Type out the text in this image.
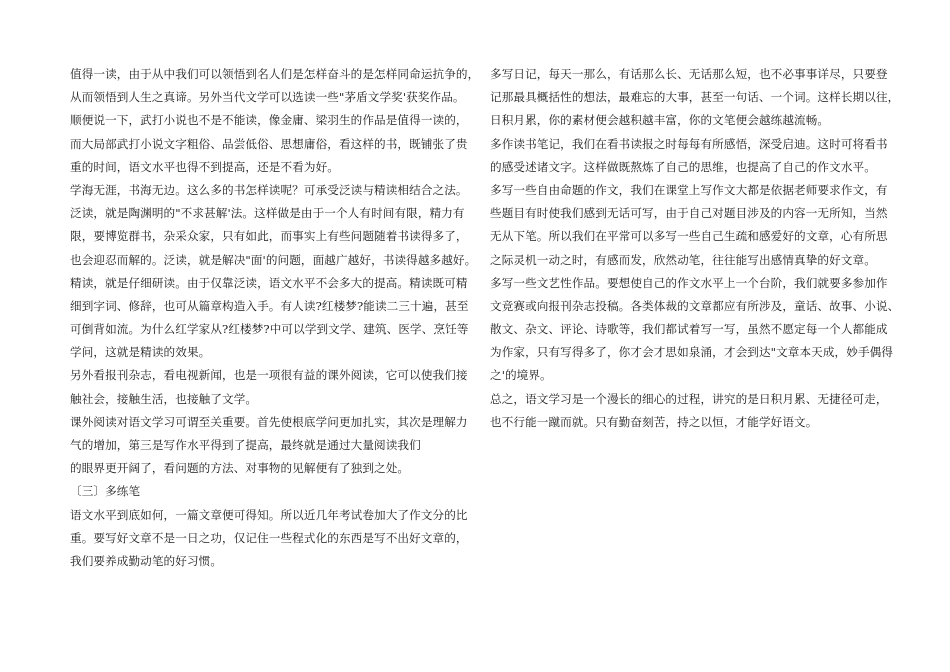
值得一读，由于从中我们可以领悟到名人们是怎样奋斗的是怎样同命运抗争的，
从而领悟到人生之真谛。另外当代文学可以选读一些"茅盾文学奖'获奖作品。
顺便说一下，武打小说也不是不能读，像金庸、梁羽生的作品是值得一读的，
而大局部武打小说文字粗俗、品尝低俗、思想庸俗，看这样的书，既铺张了贵
重的时间，语文水平也得不到提高，还是不看为好。
学海无涯，书海无边。这么多的书怎样读呢？可承受泛读与精读相结合之法。
泛读，就是陶渊明的"不求甚解'法。这样做是由于一个人有时间有限，精力有
限，要博览群书，杂采众家，只有如此，而事实上有些问题随着书读得多了，
也会迎忍而解的。泛读，就是解决"面'的问题，面越广越好，书读得越多越好。
精读，就是仔细研读。由于仅靠泛读，语文水平不会多大的提高。精读既可精
细到字词、修辞，也可从篇章构造入手。有人读?红楼梦?能读二三十遍，甚至
可倒背如流。为什么红学家从?红楼梦?中可以学到文学、建筑、医学、烹饪等
学问，这就是精读的效果。
另外看报刊杂志，看电视新闻，也是一项很有益的课外阅读，它可以使我们接
触社会，接触生活，也接触了文学。
课外阅读对语文学习可谓至关重要。首先使根底学问更加扎实，其次是理解力
气的增加，第三是写作水平得到了提高，最终就是通过大量阅读我们
的眼界更开阔了，看问题的方法、对事物的见解便有了独到之处。
〔三〕多练笔
语文水平到底如何，一篇文章便可得知。所以近几年考试卷加大了作文分的比
重。要写好文章不是一日之功，仅记住一些程式化的东西是写不出好文章的，
我们要养成勤动笔的好习惯。
多写日记，每天一那么，有话那么长、无话那么短，也不必事事详尽，只要登
记那最具概括性的想法，最难忘的大事，甚至一句话、一个词。这样长期以往，
日积月累，你的素材便会越积越丰富，你的文笔便会越练越流畅。
多作读书笔记，我们在看书读报之时每每有所感悟，深受启迪。这时可将看书
的感受述诸文字。这样做既熬炼了自己的思维，也提高了自己的作文水平。
多写一些自由命题的作文，我们在课堂上写作文大都是依据老师要求作文，有
些题目有时使我们感到无话可写，由于自己对题目涉及的内容一无所知，当然
无从下笔。所以我们在平常可以多写一些自己生疏和感爱好的文章，心有所思
之际灵机一动之时，有感而发，欣然动笔，往往能写出感情真挚的好文章。
多写一些文艺性作品。要想使自己的作文水平上一个台阶，我们就要多参加作
文竞赛或向报刊杂志投稿。各类体裁的文章都应有所涉及，童话、故事、小说、
散文、杂文、评论、诗歌等，我们都试着写一写，虽然不愿定每一个人都能成
为作家，只有写得多了，你才会才思如泉涌，才会到达"文章本天成，妙手偶得
之'的境界。
总之，语文学习是一个漫长的细心的过程，讲究的是日积月累、无捷径可走，
也不行能一蹴而就。只有勤奋刻苦，持之以恒，才能学好语文。
